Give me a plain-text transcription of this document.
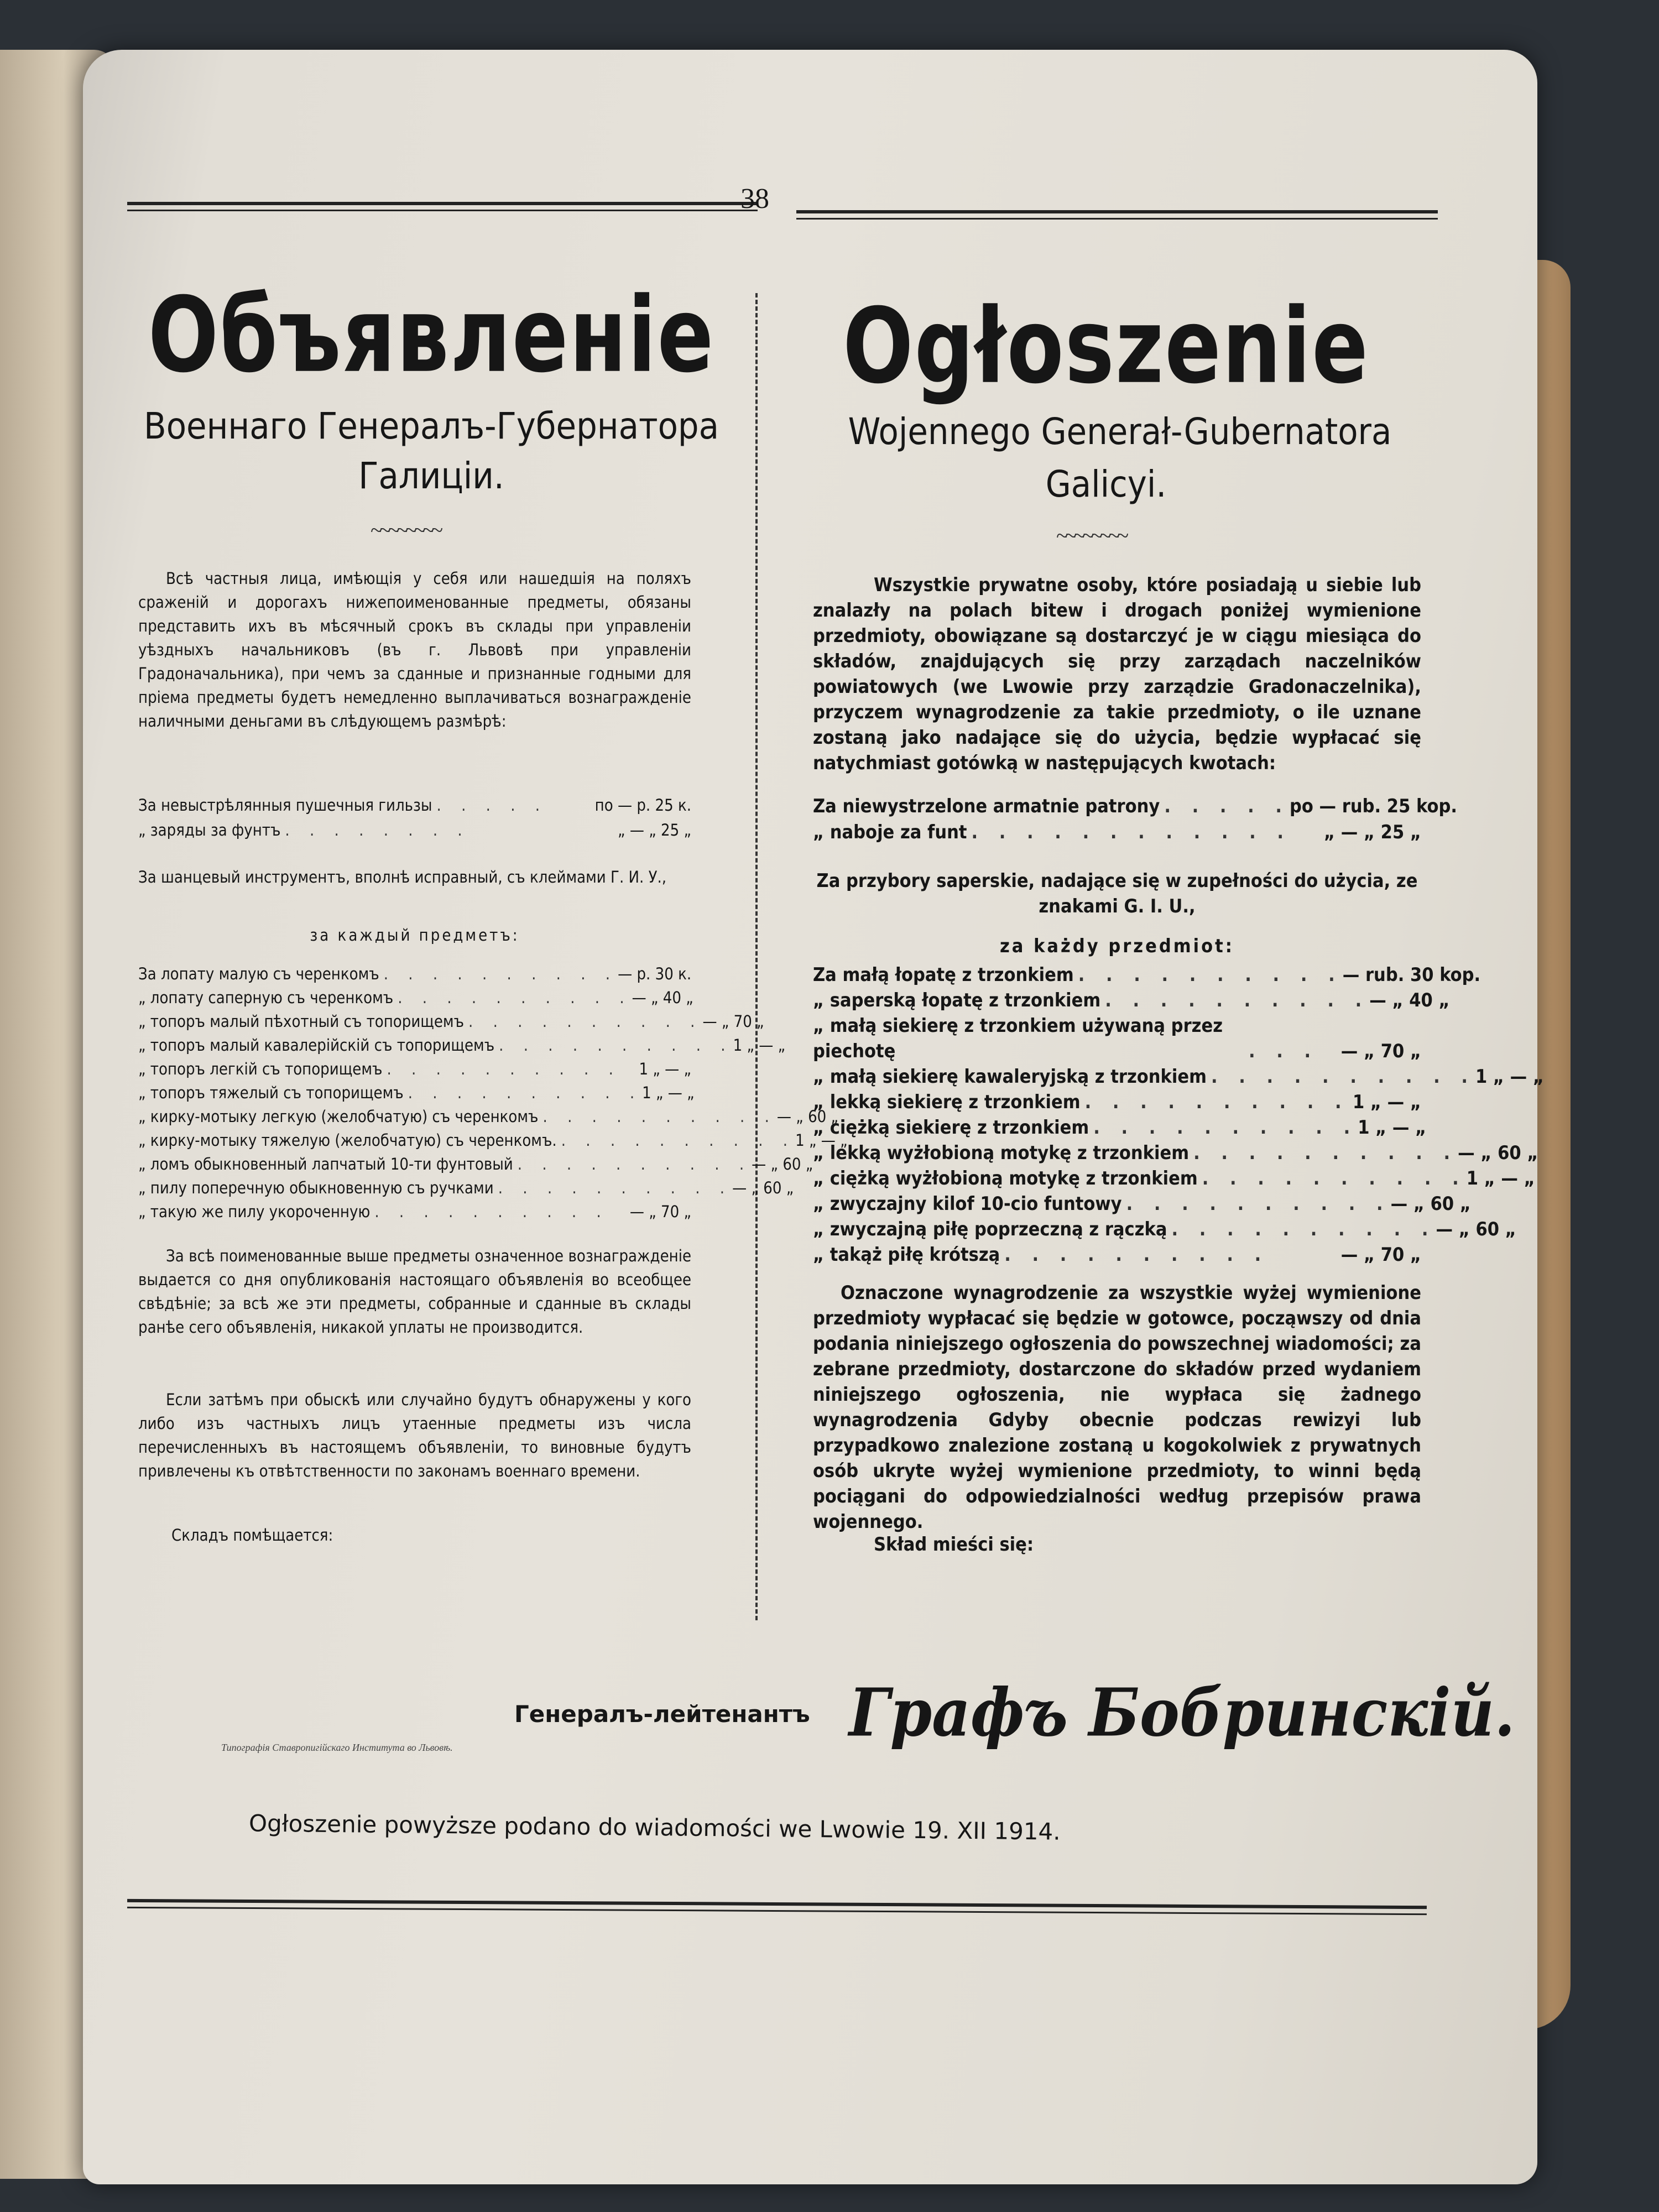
38
Объявленіе
Военнаго Генералъ-Губернатора
Галиціи.
~~~~~~~~
Всѣ частныя лица, имѣющія у себя или нашедшія на поляхъ сраженій и дорогахъ нижепоименованные предметы, обязаны представить ихъ въ мѣсячный срокъ въ склады при управленіи уѣздныхъ начальниковъ (въ г. Львовѣ при управленіи Градоначальника), при чемъ за сданные и признанные годными для пріема предметы будетъ немедленно выплачиваться вознагражденіе наличными деньгами въ слѣдующемъ размѣрѣ:
За невыстрѣлянныя пушечныя гильзы . . . . .	по — р. 25 к.
„ заряды за фунтъ . . . . . . . .	„ — „ 25 „
За шанцевый инструментъ, вполнѣ исправный, съ клеймами Г. И. У.,
за каждый предметъ:
За лопату малую съ черенкомъ . . . . . . . . . . — р. 30 к.
„ лопату саперную съ черенкомъ . . . . . . . . . . — „ 40 „
„ топоръ малый пѣхотный съ топорищемъ . . . . . . . . . . — „ 70 „
„ топоръ малый кавалерійскій съ топорищемъ . . . . . . . . . . 1 „ — „
„ топоръ легкій съ топорищемъ . . . . . . . . . .	1 „ — „
„ топоръ тяжелый съ топорищемъ . . . . . . . . . . 1 „ — „
„ кирку-мотыку легкую (желобчатую) съ черенкомъ . . . . . . . . . . — „ 60 „
„ кирку-мотыку тяжелую (желобчатую) съ черенкомъ. . . . . . . . . . . 1 „ — „
„ ломъ обыкновенный лапчатый 10-ти фунтовый . . . . . . . . . . — „ 60 „
„ пилу поперечную обыкновенную съ ручками . . . . . . . . . . — „ 60 „
„ такую же пилу укороченную . . . . . . . . . .	— „ 70 „
За всѣ поименованные выше предметы означенное вознагражденіе выдается со дня опубликованія настоящаго объявленія во всеобщее свѣдѣніе; за всѣ же эти предметы, собранные и сданные въ склады ранѣе сего объявленія, никакой уплаты не производится.
Если затѣмъ при обыскѣ или случайно будутъ обнаружены у кого либо изъ частныхъ лицъ утаенные предметы изъ числа перечисленныхъ въ настоящемъ объявленіи, то виновные будутъ привлечены къ отвѣтственности по законамъ военнаго времени.
Складъ помѣщается:
Ogłoszenie
Wojennego Generał-Gubernatora
Galicyi.
~~~~~~~~
Wszystkie prywatne osoby, które posiadają u siebie lub znalazły na polach bitew i drogach poniżej wymienione przedmioty, obowiązane są dostarczyć je w ciągu miesiąca do składów, znajdujących się przy zarządach naczelników powiatowych (we Lwowie przy zarządzie Gradonaczelnika), przyczem wynagrodzenie za takie przedmioty, o ile uznane zostaną jako nadające się do użycia, będzie wypłacać się natychmiast gotówką w następujących kwotach:
Za niewystrzelone armatnie patrony . . . . . po — rub. 25 kop.
„ naboje za funt . . . . . . . . . . . .	„ — „ 25 „
Za przybory saperskie, nadające się w zupełności do użycia, ze znakami G. I. U.,
za każdy przedmiot:
Za małą łopatę z trzonkiem . . . . . . . . . . — rub. 30 kop.
„ saperską łopatę z trzonkiem . . . . . . . . . . — „ 40 „
„ małą siekierę z trzonkiem używaną przez piechotę	. . .	— „ 70 „
„ małą siekierę kawaleryjską z trzonkiem . . . . . . . . . . 1 „ — „
„ lekką siekierę z trzonkiem . . . . . . . . . . 1 „ — „
„ ciężką siekierę z trzonkiem . . . . . . . . . . 1 „ — „
„ lekką wyżłobioną motykę z trzonkiem . . . . . . . . . . — „ 60 „
„ ciężką wyżłobioną motykę z trzonkiem . . . . . . . . . . 1 „ — „
„ zwyczajny kilof 10-cio funtowy . . . . . . . . . . — „ 60 „
„ zwyczajną piłę poprzeczną z rączką . . . . . . . . . . — „ 60 „
„ takąż piłę krótszą . . . . . . . . . .	— „ 70 „
Oznaczone wynagrodzenie za wszystkie wyżej wymienione przedmioty wypłacać się będzie w gotowce, począwszy od dnia podania niniejszego ogłoszenia do powszechnej wiadomości; za zebrane przedmioty, dostarczone do składów przed wydaniem niniejszego ogłoszenia, nie wypłaca się żadnego wynagrodzenia Gdyby obecnie podczas rewizyi lub przypadkowo znalezione zostaną u kogokolwiek z prywatnych osób ukryte wyżej wymienione przedmioty, to winni będą pociągani do odpowiedzialności według przepisów prawa wojennego.
Skład mieści się:
Генералъ-лейтенантъ Графъ Бобринскій.
Типографія Ставропигійскаго Института во Львовѣ.
Ogłoszenie powyższe podano do wiadomości we Lwowie 19. XII 1914.
